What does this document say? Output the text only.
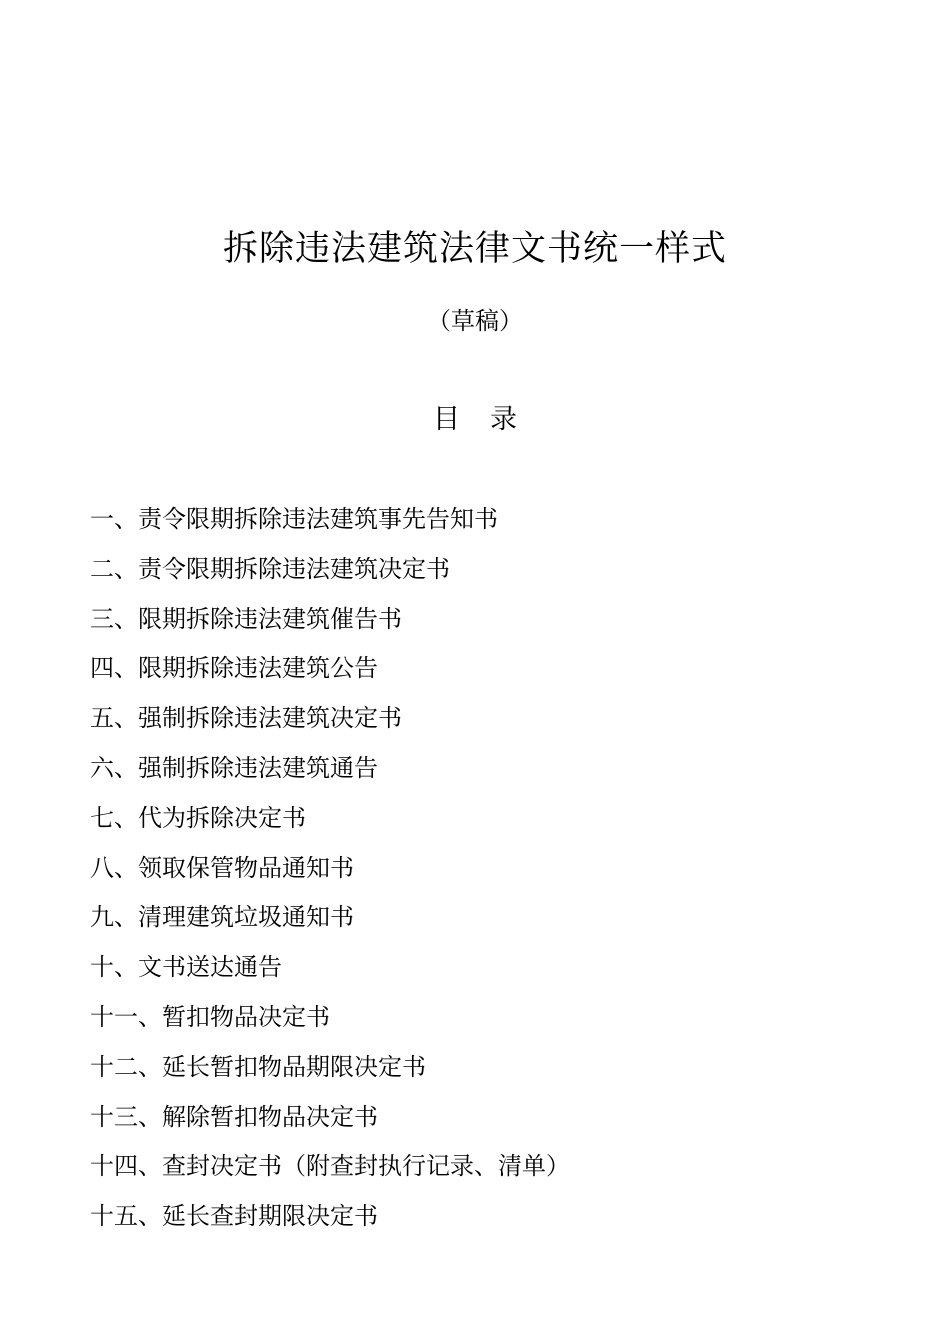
拆除违法建筑法律文书统一样式
（草稿）
目录
一、责令限期拆除违法建筑事先告知书
二、责令限期拆除违法建筑决定书
三、限期拆除违法建筑催告书
四、限期拆除违法建筑公告
五、强制拆除违法建筑决定书
六、强制拆除违法建筑通告
七、代为拆除决定书
八、领取保管物品通知书
九、清理建筑垃圾通知书
十、文书送达通告
十一、暂扣物品决定书
十二、延长暂扣物品期限决定书
十三、解除暂扣物品决定书
十四、查封决定书（附查封执行记录、清单）
十五、延长查封期限决定书
